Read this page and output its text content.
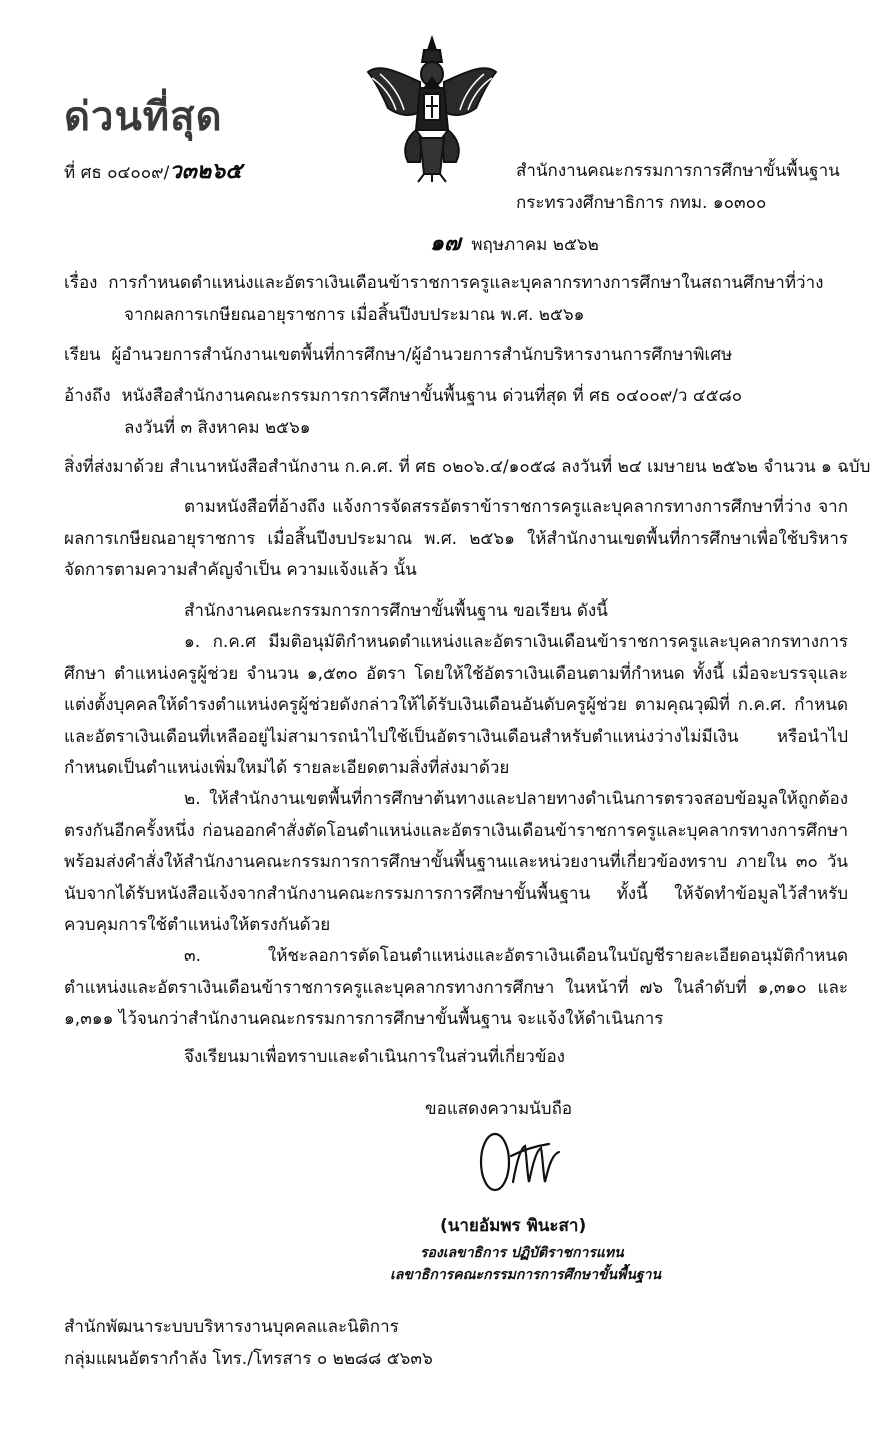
ด่วนที่สุด
ที่ ศธ ๐๔๐๐๙/ว๓๒๖๕	สำนักงานคณะกรรมการการศึกษาขั้นพื้นฐาน
กระทรวงศึกษาธิการ กทม. ๑๐๓๐๐
๑๗ พฤษภาคม ๒๕๖๒
เรื่อง การกำหนดตำแหน่งและอัตราเงินเดือนข้าราชการครูและบุคลากรทางการศึกษาในสถานศึกษาที่ว่าง
จากผลการเกษียณอายุราชการ เมื่อสิ้นปีงบประมาณ พ.ศ. ๒๕๖๑
เรียน ผู้อำนวยการสำนักงานเขตพื้นที่การศึกษา/ผู้อำนวยการสำนักบริหารงานการศึกษาพิเศษ
อ้างถึง หนังสือสำนักงานคณะกรรมการการศึกษาขั้นพื้นฐาน ด่วนที่สุด ที่ ศธ ๐๔๐๐๙/ว ๔๕๘๐
ลงวันที่ ๓ สิงหาคม ๒๕๖๑
สิ่งที่ส่งมาด้วย สำเนาหนังสือสำนักงาน ก.ค.ศ. ที่ ศธ ๐๒๐๖.๔/๑๐๕๘ ลงวันที่ ๒๔ เมษายน ๒๕๖๒ จำนวน ๑ ฉบับ
ตามหนังสือที่อ้างถึง แจ้งการจัดสรรอัตราข้าราชการครูและบุคลากรทางการศึกษาที่ว่าง จากผลการเกษียณอายุราชการ เมื่อสิ้นปีงบประมาณ พ.ศ. ๒๕๖๑ ให้สำนักงานเขตพื้นที่การศึกษาเพื่อใช้บริหารจัดการตามความสำคัญจำเป็น ความแจ้งแล้ว นั้น
สำนักงานคณะกรรมการการศึกษาขั้นพื้นฐาน ขอเรียน ดังนี้
๑. ก.ค.ศ มีมติอนุมัติกำหนดตำแหน่งและอัตราเงินเดือนข้าราชการครูและบุคลากรทางการศึกษา ตำแหน่งครูผู้ช่วย จำนวน ๑,๕๓๐ อัตรา โดยให้ใช้อัตราเงินเดือนตามที่กำหนด ทั้งนี้ เมื่อจะบรรจุและแต่งตั้งบุคคลให้ดำรงตำแหน่งครูผู้ช่วยดังกล่าวให้ได้รับเงินเดือนอันดับครูผู้ช่วย ตามคุณวุฒิที่ ก.ค.ศ. กำหนด และอัตราเงินเดือนที่เหลืออยู่ไม่สามารถนำไปใช้เป็นอัตราเงินเดือนสำหรับตำแหน่งว่างไม่มีเงิน หรือนำไปกำหนดเป็นตำแหน่งเพิ่มใหม่ได้ รายละเอียดตามสิ่งที่ส่งมาด้วย
๒. ให้สำนักงานเขตพื้นที่การศึกษาต้นทางและปลายทางดำเนินการตรวจสอบข้อมูลให้ถูกต้องตรงกันอีกครั้งหนึ่ง ก่อนออกคำสั่งตัดโอนตำแหน่งและอัตราเงินเดือนข้าราชการครูและบุคลากรทางการศึกษาพร้อมส่งคำสั่งให้สำนักงานคณะกรรมการการศึกษาขั้นพื้นฐานและหน่วยงานที่เกี่ยวข้องทราบ ภายใน ๓๐ วัน นับจากได้รับหนังสือแจ้งจากสำนักงานคณะกรรมการการศึกษาขั้นพื้นฐาน ทั้งนี้ ให้จัดทำข้อมูลไว้สำหรับควบคุมการใช้ตำแหน่งให้ตรงกันด้วย
๓. ให้ชะลอการตัดโอนตำแหน่งและอัตราเงินเดือนในบัญชีรายละเอียดอนุมัติกำหนดตำแหน่งและอัตราเงินเดือนข้าราชการครูและบุคลากรทางการศึกษา ในหน้าที่ ๗๖ ในลำดับที่ ๑,๓๑๐ และ ๑,๓๑๑ ไว้จนกว่าสำนักงานคณะกรรมการการศึกษาขั้นพื้นฐาน จะแจ้งให้ดำเนินการ
จึงเรียนมาเพื่อทราบและดำเนินการในส่วนที่เกี่ยวข้อง
ขอแสดงความนับถือ
(นายอัมพร พินะสา)
รองเลขาธิการ ปฏิบัติราชการแทน
เลขาธิการคณะกรรมการการศึกษาขั้นพื้นฐาน
สำนักพัฒนาระบบบริหารงานบุคคลและนิติการ
กลุ่มแผนอัตรากำลัง โทร./โทรสาร ๐ ๒๒๘๘ ๕๖๓๖
